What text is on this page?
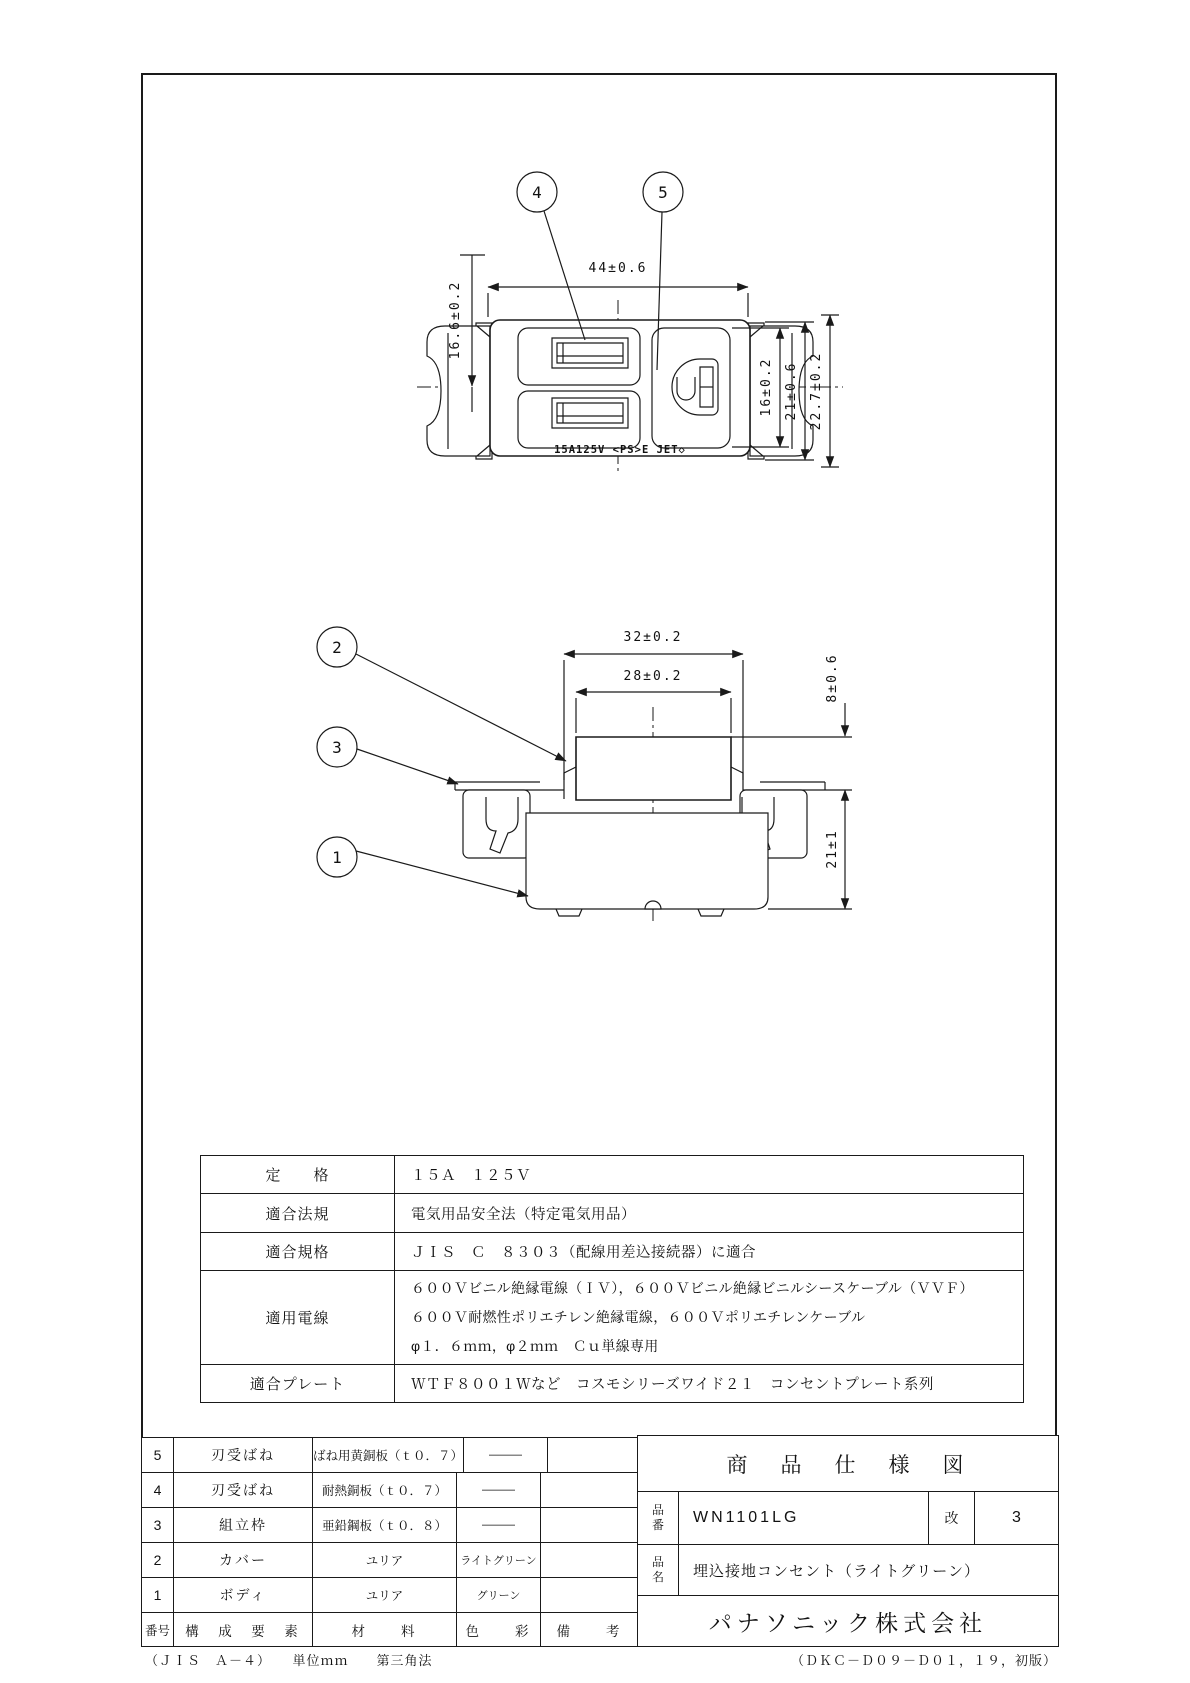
15A125V <PS>E JET◇
44±0.6
16.6±0.2
16±0.2 21±0.6 22.7±0.2
4	5
32±0.2
28±0.2	8±0.6
21±1
2
3
1
定　　格	１５Ａ　１２５Ｖ
適合法規	電気用品安全法（特定電気用品）
適合規格	ＪＩＳ　Ｃ　８３０３（配線用差込接続器）に適合
適用電線
６００Ｖビニル絶縁電線（ＩＶ），６００Ｖビニル絶縁ビニルシースケーブル（ＶＶＦ）
６００Ｖ耐燃性ポリエチレン絶縁電線，６００Ｖポリエチレンケーブル
φ１．６ｍｍ，φ２ｍｍ　Ｃｕ単線専用
適合プレート	ＷＴＦ８００１Ｗなど　コスモシリーズワイド２１　コンセントプレート系列
5	刃受ばね	ばね用黄銅板（ｔ０．７）	———
4	刃受ばね	耐熱銅板（ｔ０．７）	———
3	組立枠	亜鉛鋼板（ｔ０．８）	———
2	カバー	ユリア	ライトグリーン
1	ボディ	ユリア	グリーン
番号	構　成　要　素	材　　料	色　　彩	備　　考
商　品　仕　様　図
品番	WN1101LG	改	3
品名	埋込接地コンセント（ライトグリーン）
パナソニック株式会社
（ＪＩＳ　Ａ－４）　　単位ｍｍ　　第三角法	（ＤＫＣ－Ｄ０９－Ｄ０１，１９，初版）
